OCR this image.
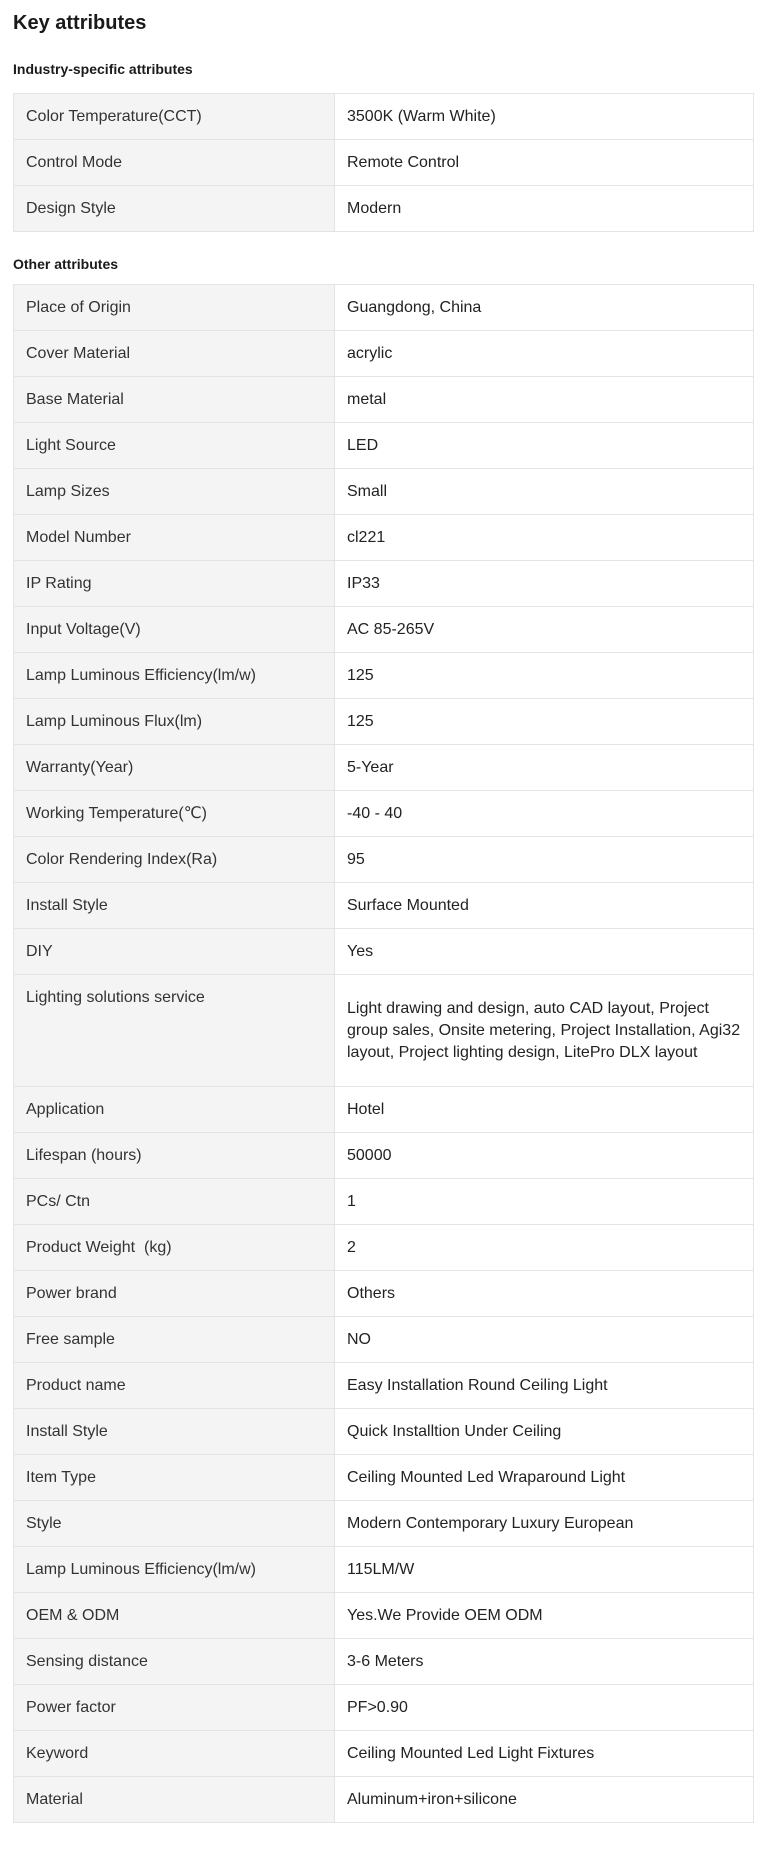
Key attributes
Industry-specific attributes
Color Temperature(CCT)	3500K (Warm White)
Control Mode	Remote Control
Design Style	Modern
Other attributes
Place of Origin	Guangdong, China
Cover Material	acrylic
Base Material	metal
Light Source	LED
Lamp Sizes	Small
Model Number	cl221
IP Rating	IP33
Input Voltage(V)	AC 85-265V
Lamp Luminous Efficiency(lm/w)	125
Lamp Luminous Flux(lm)	125
Warranty(Year)	5-Year
Working Temperature(℃)	-40 - 40
Color Rendering Index(Ra)	95
Install Style	Surface Mounted
DIY	Yes
Lighting solutions service	Light drawing and design, auto CAD layout, Project group sales, Onsite metering, Project Installation, Agi32 layout, Project lighting design, LitePro DLX layout
Application	Hotel
Lifespan (hours)	50000
PCs/ Ctn	1
Product Weight  (kg)	2
Power brand	Others
Free sample	NO
Product name	Easy Installation Round Ceiling Light
Install Style	Quick Installtion Under Ceiling
Item Type	Ceiling Mounted Led Wraparound Light
Style	Modern Contemporary Luxury European
Lamp Luminous Efficiency(lm/w)	115LM/W
OEM & ODM	Yes.We Provide OEM ODM
Sensing distance	3-6 Meters
Power factor	PF>0.90
Keyword	Ceiling Mounted Led Light Fixtures
Material	Aluminum+iron+silicone
